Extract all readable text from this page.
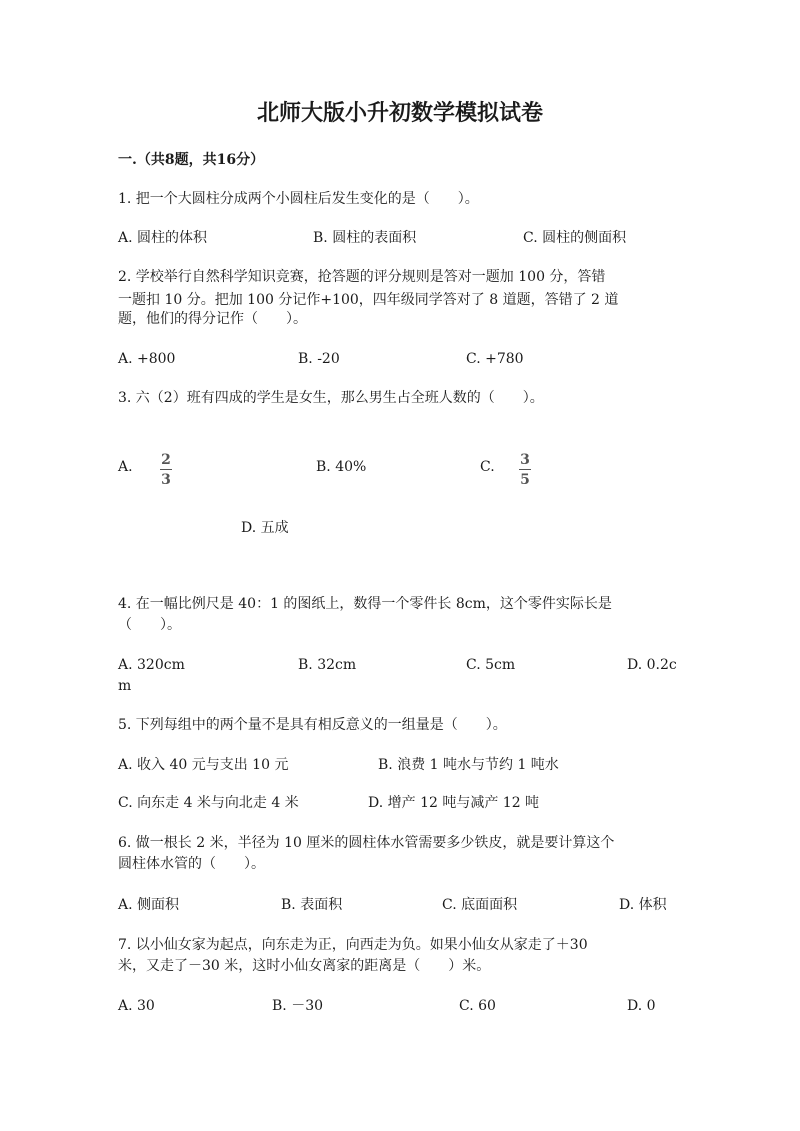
北师大版小升初数学模拟试卷
一.（共8题，共16分）
1. 把一个大圆柱分成两个小圆柱后发生变化的是（　　）。
A. 圆柱的体积	B. 圆柱的表面积	C. 圆柱的侧面积
2. 学校举行自然科学知识竞赛，抢答题的评分规则是答对一题加 100 分，答错
一题扣 10 分。把加 100 分记作+100，四年级同学答对了 8 道题，答错了 2 道
题，他们的得分记作（　　）。
A. +800	B. -20	C. +780
3. 六（2）班有四成的学生是女生，那么男生占全班人数的（　　）。
A. 2
3
B. 40%	C. 3
5
D. 五成
4. 在一幅比例尺是 40：1 的图纸上，数得一个零件长 8cm，这个零件实际长是
（　　）。
A. 320cm	B. 32cm	C. 5cm	D. 0.2c
m
5. 下列每组中的两个量不是具有相反意义的一组量是（　　）。
A. 收入 40 元与支出 10 元	B. 浪费 1 吨水与节约 1 吨水
C. 向东走 4 米与向北走 4 米	D. 增产 12 吨与减产 12 吨
6. 做一根长 2 米，半径为 10 厘米的圆柱体水管需要多少铁皮，就是要计算这个
圆柱体水管的（　　）。
A. 侧面积	B. 表面积	C. 底面面积	D. 体积
7. 以小仙女家为起点，向东走为正，向西走为负。如果小仙女从家走了＋30
米，又走了－30 米，这时小仙女离家的距离是（　　）米。
A. 30	B. －30	C. 60	D. 0
